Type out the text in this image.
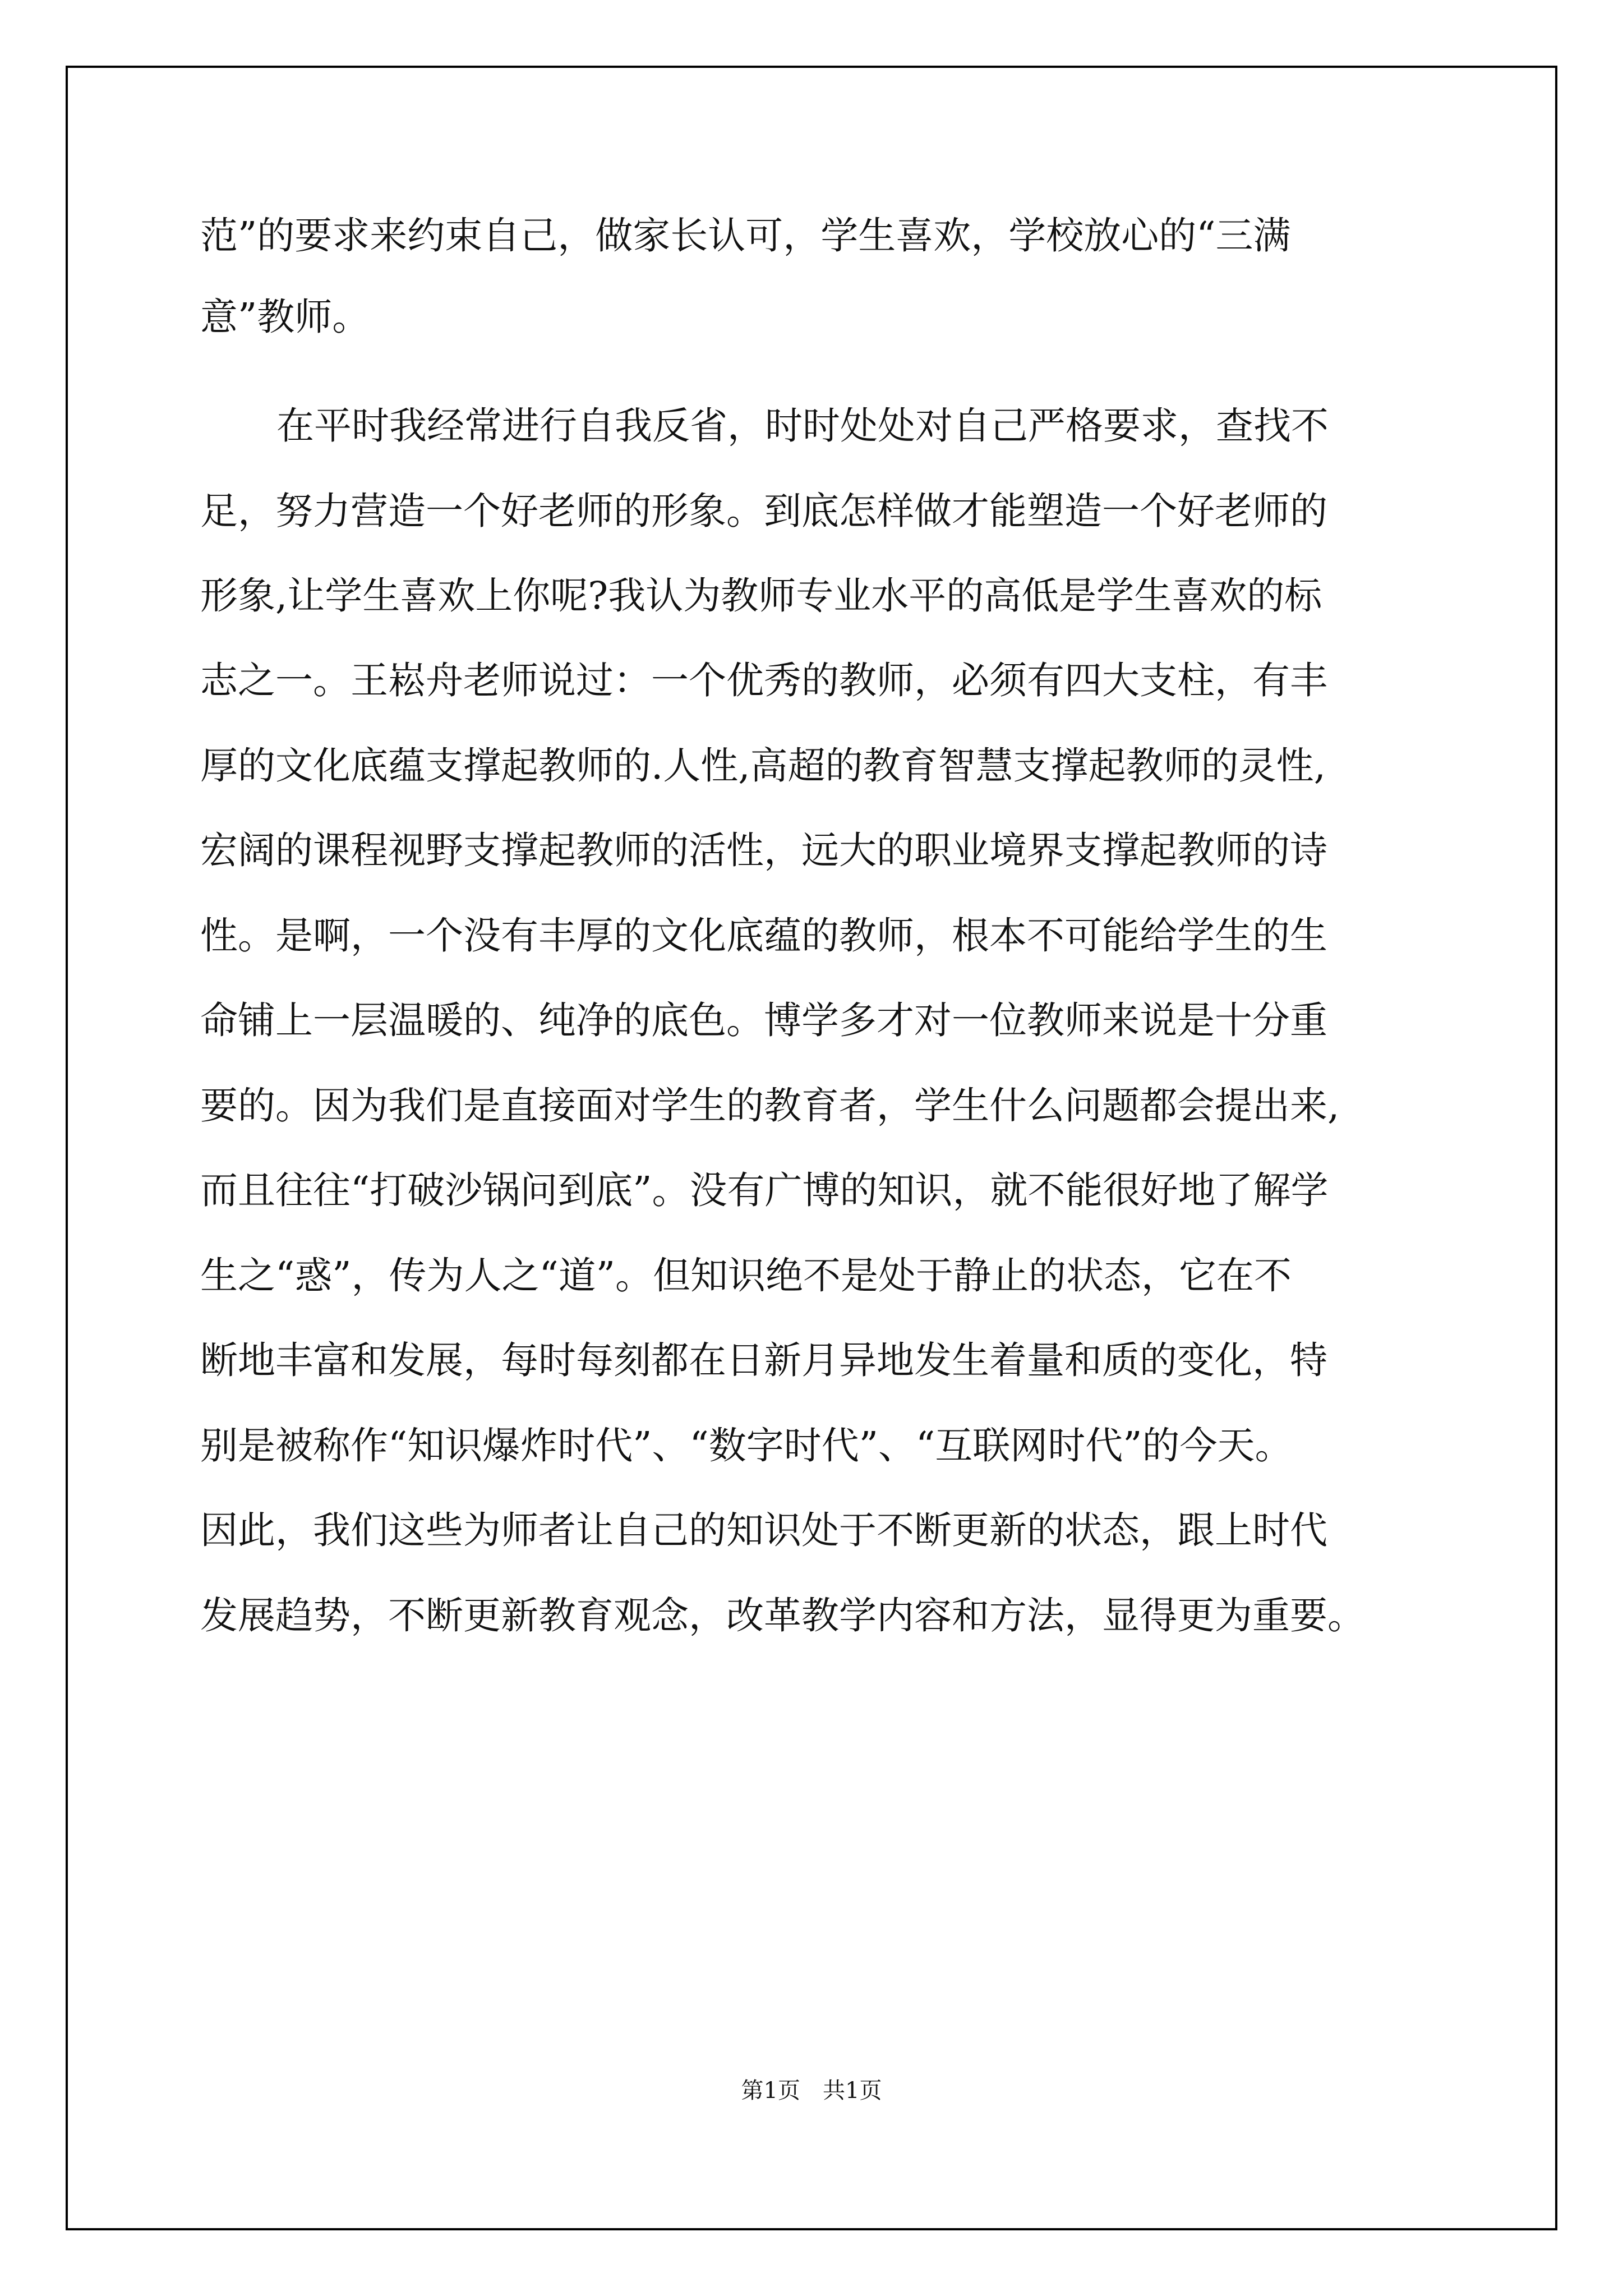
范”的要求来约束自己，做家长认可，学生喜欢，学校放心的“三满

意”教师。

在平时我经常进行自我反省，时时处处对自己严格要求，查找不

足，努力营造一个好老师的形象。到底怎样做才能塑造一个好老师的

形象,让学生喜欢上你呢?我认为教师专业水平的高低是学生喜欢的标

志之一。王崧舟老师说过：一个优秀的教师，必须有四大支柱，有丰

厚的文化底蕴支撑起教师的.人性,高超的教育智慧支撑起教师的灵性,

宏阔的课程视野支撑起教师的活性，远大的职业境界支撑起教师的诗

性。是啊，一个没有丰厚的文化底蕴的教师，根本不可能给学生的生

命铺上一层温暖的、纯净的底色。博学多才对一位教师来说是十分重

要的。因为我们是直接面对学生的教育者，学生什么问题都会提出来,

而且往往“打破沙锅问到底”。没有广博的知识，就不能很好地了解学

生之“惑”，传为人之“道”。但知识绝不是处于静止的状态，它在不

断地丰富和发展，每时每刻都在日新月异地发生着量和质的变化，特

别是被称作“知识爆炸时代”、“数字时代”、“互联网时代”的今天。

因此，我们这些为师者让自己的知识处于不断更新的状态，跟上时代

发展趋势，不断更新教育观念，改革教学内容和方法，显得更为重要。

第1页　共1页
